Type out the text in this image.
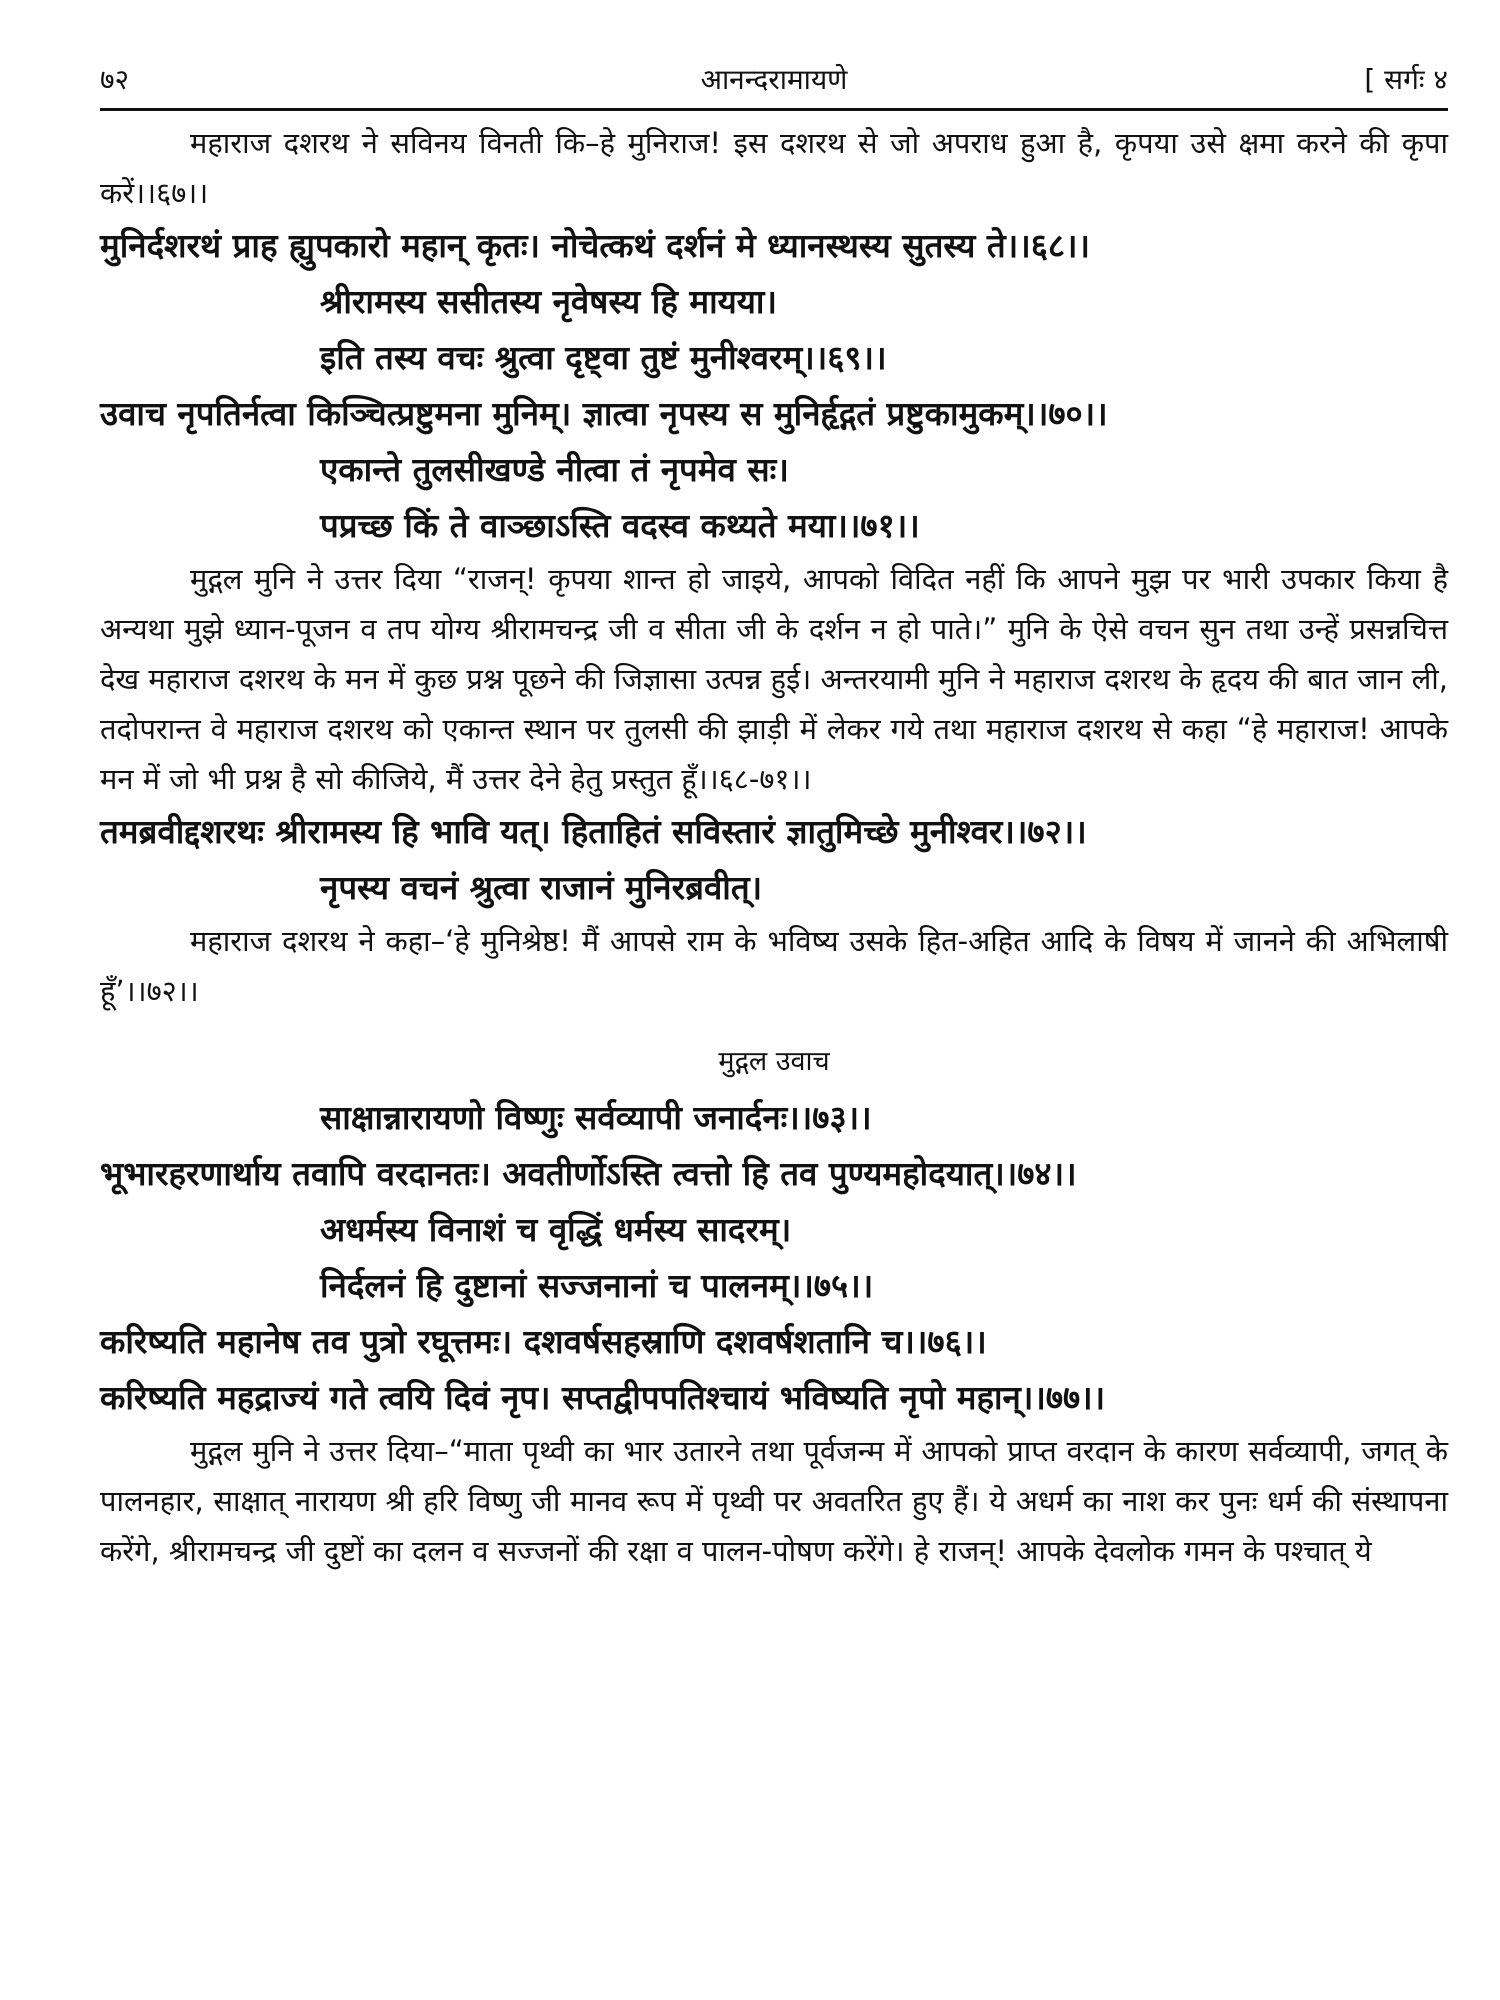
७२	आनन्दरामायणे	[ सर्गः ४

महाराज दशरथ ने सविनय विनती कि–हे मुनिराज! इस दशरथ से जो अपराध हुआ है, कृपया उसे क्षमा करने की कृपा करें।।६७।।

मुनिर्दशरथं प्राह ह्युपकारो महान् कृतः। नोचेत्कथं दर्शनं मे ध्यानस्थस्य सुतस्य ते।।६८।।

श्रीरामस्य ससीतस्य नृवेषस्य हि मायया।

इति तस्य वचः श्रुत्वा दृष्ट्वा तुष्टं मुनीश्वरम्।।६९।।

उवाच नृपतिर्नत्वा किञ्चित्प्रष्टुमना मुनिम्। ज्ञात्वा नृपस्य स मुनिर्हृद्गतं प्रष्टुकामुकम्।।७०।।

एकान्ते तुलसीखण्डे नीत्वा तं नृपमेव सः।

पप्रच्छ किं ते वाञ्छाऽस्ति वदस्व कथ्यते मया।।७१।।

मुद्गल मुनि ने उत्तर दिया “राजन्! कृपया शान्त हो जाइये, आपको विदित नहीं कि आपने मुझ पर भारी उपकार किया है अन्यथा मुझे ध्यान-पूजन व तप योग्य श्रीरामचन्द्र जी व सीता जी के दर्शन न हो पाते।” मुनि के ऐसे वचन सुन तथा उन्हें प्रसन्नचित्त देख महाराज दशरथ के मन में कुछ प्रश्न पूछने की जिज्ञासा उत्पन्न हुई। अन्तरयामी मुनि ने महाराज दशरथ के हृदय की बात जान ली, तदोपरान्त वे महाराज दशरथ को एकान्त स्थान पर तुलसी की झाड़ी में लेकर गये तथा महाराज दशरथ से कहा “हे महाराज! आपके मन में जो भी प्रश्न है सो कीजिये, मैं उत्तर देने हेतु प्रस्तुत हूँ।।६८-७१।।

तमब्रवीद्दशरथः श्रीरामस्य हि भावि यत्। हिताहितं सविस्तारं ज्ञातुमिच्छे मुनीश्वर।।७२।।

नृपस्य वचनं श्रुत्वा राजानं मुनिरब्रवीत्।

महाराज दशरथ ने कहा–‘हे मुनिश्रेष्ठ! मैं आपसे राम के भविष्य उसके हित-अहित आदि के विषय में जानने की अभिलाषी हूँ’।।७२।।

मुद्गल उवाच

साक्षान्नारायणो विष्णुः सर्वव्यापी जनार्दनः।।७३।।

भूभारहरणार्थाय तवापि वरदानतः। अवतीर्णोऽस्ति त्वत्तो हि तव पुण्यमहोदयात्।।७४।।

अधर्मस्य विनाशं च वृद्धिं धर्मस्य सादरम्।

निर्दलनं हि दुष्टानां सज्जनानां च पालनम्।।७५।।

करिष्यति महानेष तव पुत्रो रघूत्तमः। दशवर्षसहस्राणि दशवर्षशतानि च।।७६।।

करिष्यति महद्राज्यं गते त्वयि दिवं नृप। सप्तद्वीपपतिश्चायं भविष्यति नृपो महान्।।७७।।

मुद्गल मुनि ने उत्तर दिया–“माता पृथ्वी का भार उतारने तथा पूर्वजन्म में आपको प्राप्त वरदान के कारण सर्वव्यापी, जगत् के पालनहार, साक्षात् नारायण श्री हरि विष्णु जी मानव रूप में पृथ्वी पर अवतरित हुए हैं। ये अधर्म का नाश कर पुनः धर्म की संस्थापना करेंगे, श्रीरामचन्द्र जी दुष्टों का दलन व सज्जनों की रक्षा व पालन-पोषण करेंगे। हे राजन्! आपके देवलोक गमन के पश्चात् ये
